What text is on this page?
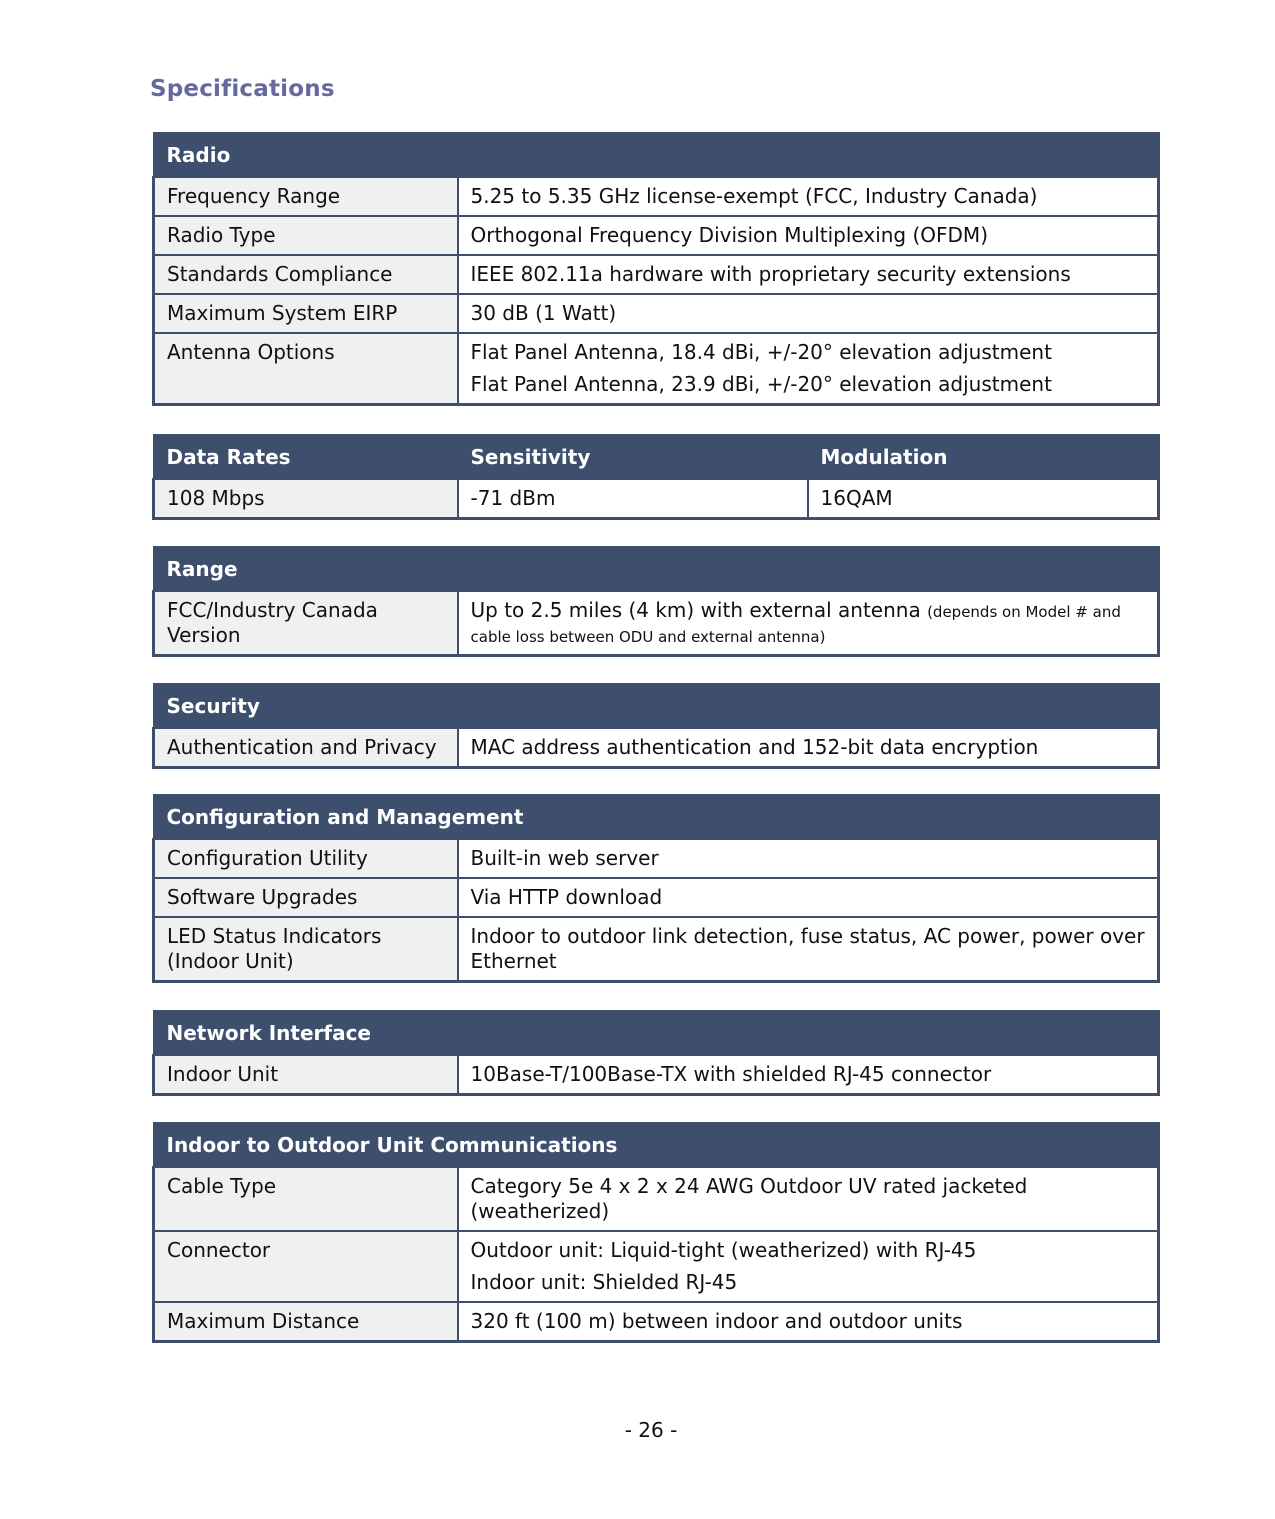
Specifications
Radio	
Frequency Range	5.25 to 5.35 GHz license-exempt (FCC, Industry Canada)
Radio Type	Orthogonal Frequency Division Multiplexing (OFDM)
Standards Compliance	IEEE 802.11a hardware with proprietary security extensions
Maximum System EIRP	30 dB (1 Watt)
Antenna Options	Flat Panel Antenna, 18.4 dBi, +/-20° elevation adjustment
Flat Panel Antenna, 23.9 dBi, +/-20° elevation adjustment
Data Rates	Sensitivity	Modulation
108 Mbps	-71 dBm	16QAM
Range
FCC/Industry Canada Version	Up to 2.5 miles (4 km) with external antenna (depends on Model # and cable loss between ODU and external antenna)
Security
Authentication and Privacy	MAC address authentication and 152-bit data encryption
Configuration and Management	
Configuration Utility	Built-in web server
Software Upgrades	Via HTTP download
LED Status Indicators (Indoor Unit)	Indoor to outdoor link detection, fuse status, AC power, power over Ethernet
Network Interface
Indoor Unit	10Base-T/100Base-TX with shielded RJ-45 connector
Indoor to Outdoor Unit Communications	
Cable Type	Category 5e 4 x 2 x 24 AWG Outdoor UV rated jacketed (weatherized)
Connector	Outdoor unit: Liquid-tight (weatherized) with RJ-45
Indoor unit: Shielded RJ-45

Maximum Distance	320 ft (100 m) between indoor and outdoor units
- 26 -
